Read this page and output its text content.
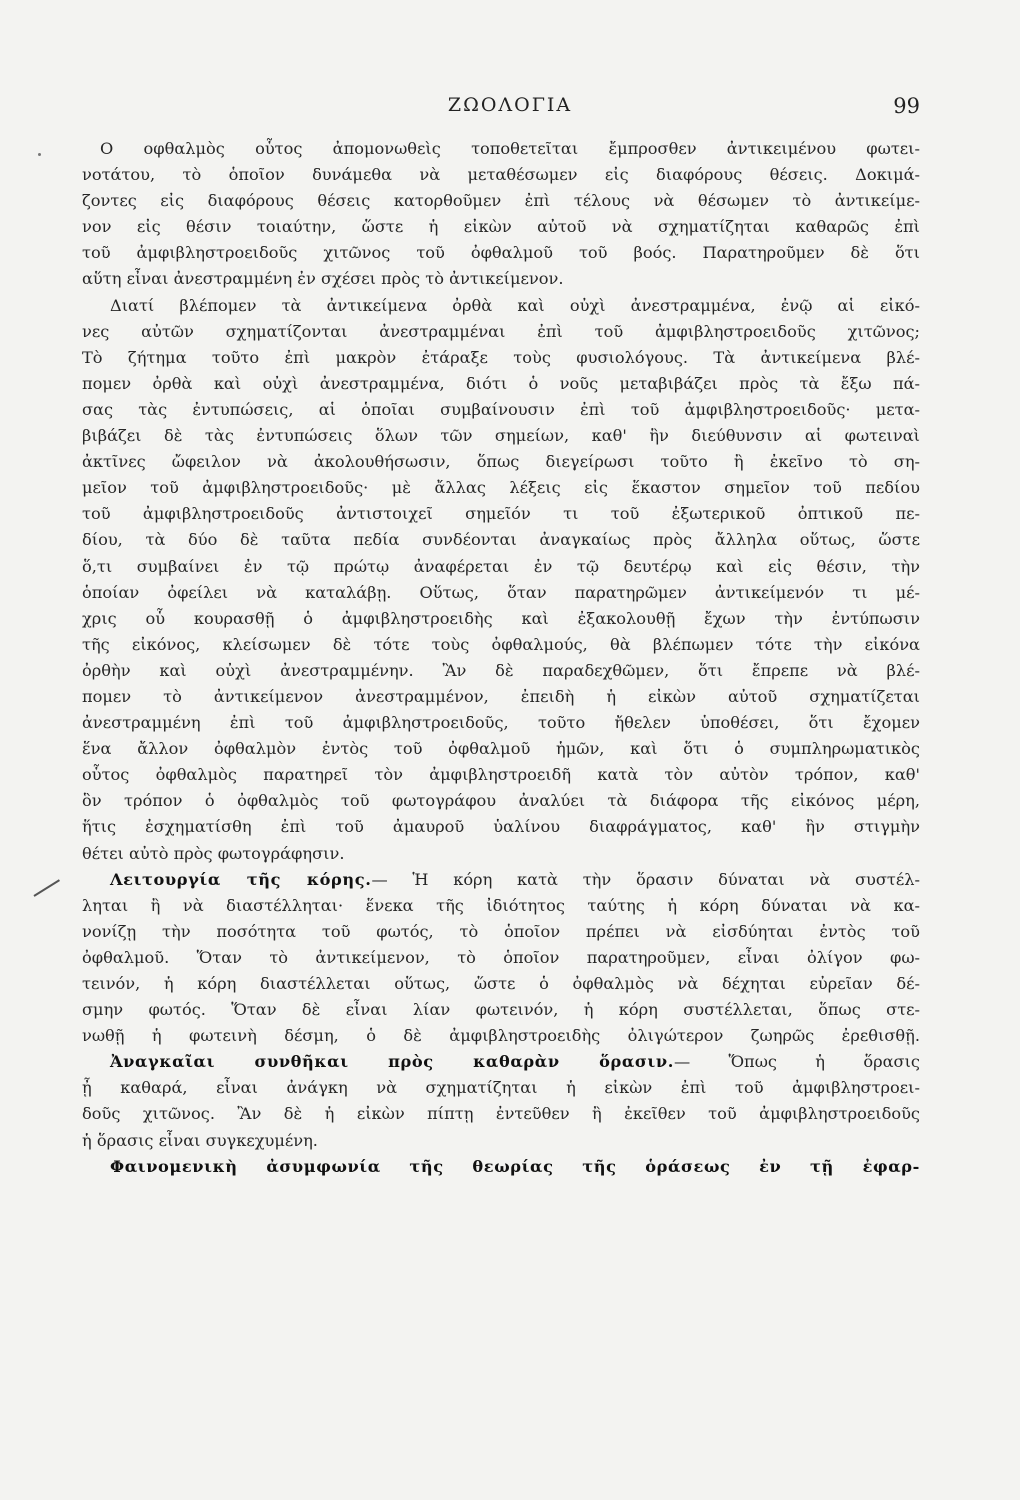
ΖΩΟΛΟΓΙΑ	99
Ο οφθαλμὸς οὗτος ἀπομονωθεὶς τοποθετεῖται ἔμπροσθεν ἀντικειμένου φωτει-
νοτάτου, τὸ ὁποῖον δυνάμεθα νὰ μεταθέσωμεν εἰς διαφόρους θέσεις. Δοκιμά-
ζοντες εἰς διαφόρους θέσεις κατορθοῦμεν ἐπὶ τέλους νὰ θέσωμεν τὸ ἀντικείμε-
νον εἰς θέσιν τοιαύτην, ὥστε ἡ εἰκὼν αὐτοῦ νὰ σχηματίζηται καθαρῶς ἐπὶ
τοῦ ἀμφιβληστροειδοῦς χιτῶνος τοῦ ὀφθαλμοῦ τοῦ βοός. Παρατηροῦμεν δὲ ὅτι
αὕτη εἶναι ἀνεστραμμένη ἐν σχέσει πρὸς τὸ ἀντικείμενον.
Διατί βλέπομεν τὰ ἀντικείμενα ὀρθὰ καὶ οὐχὶ ἀνεστραμμένα, ἐνῷ αἱ εἰκό-
νες αὐτῶν σχηματίζονται ἀνεστραμμέναι ἐπὶ τοῦ ἀμφιβληστροειδοῦς χιτῶνος;
Τὸ ζήτημα τοῦτο ἐπὶ μακρὸν ἐτάραξε τοὺς φυσιολόγους. Τὰ ἀντικείμενα βλέ-
πομεν ὀρθὰ καὶ οὐχὶ ἀνεστραμμένα, διότι ὁ νοῦς μεταβιβάζει πρὸς τὰ ἔξω πά-
σας τὰς ἐντυπώσεις, αἱ ὁποῖαι συμβαίνουσιν ἐπὶ τοῦ ἀμφιβληστροειδοῦς· μετα-
βιβάζει δὲ τὰς ἐντυπώσεις ὅλων τῶν σημείων, καθ' ἣν διεύθυνσιν αἱ φωτειναὶ
ἀκτῖνες ὤφειλον νὰ ἀκολουθήσωσιν, ὅπως διεγείρωσι τοῦτο ἢ ἐκεῖνο τὸ ση-
μεῖον τοῦ ἀμφιβληστροειδοῦς· μὲ ἄλλας λέξεις εἰς ἕκαστον σημεῖον τοῦ πεδίου
τοῦ ἀμφιβληστροειδοῦς ἀντιστοιχεῖ σημεῖόν τι τοῦ ἐξωτερικοῦ ὀπτικοῦ πε-
δίου, τὰ δύο δὲ ταῦτα πεδία συνδέονται ἀναγκαίως πρὸς ἄλληλα οὕτως, ὥστε
ὅ,τι συμβαίνει ἐν τῷ πρώτῳ ἀναφέρεται ἐν τῷ δευτέρῳ καὶ εἰς θέσιν, τὴν
ὁποίαν ὀφείλει νὰ καταλάβῃ. Οὕτως, ὅταν παρατηρῶμεν ἀντικείμενόν τι μέ-
χρις οὗ κουρασθῇ ὁ ἀμφιβληστροειδὴς καὶ ἐξακολουθῇ ἔχων τὴν ἐντύπωσιν
τῆς εἰκόνος, κλείσωμεν δὲ τότε τοὺς ὀφθαλμούς, θὰ βλέπωμεν τότε τὴν εἰκόνα
ὀρθὴν καὶ οὐχὶ ἀνεστραμμένην. Ἂν δὲ παραδεχθῶμεν, ὅτι ἔπρεπε νὰ βλέ-
πομεν τὸ ἀντικείμενον ἀνεστραμμένον, ἐπειδὴ ἡ εἰκὼν αὐτοῦ σχηματίζεται
ἀνεστραμμένη ἐπὶ τοῦ ἀμφιβληστροειδοῦς, τοῦτο ἤθελεν ὑποθέσει, ὅτι ἔχομεν
ἕνα ἄλλον ὀφθαλμὸν ἐντὸς τοῦ ὀφθαλμοῦ ἡμῶν, καὶ ὅτι ὁ συμπληρωματικὸς
οὗτος ὀφθαλμὸς παρατηρεῖ τὸν ἀμφιβληστροειδῆ κατὰ τὸν αὐτὸν τρόπον, καθ'
ὃν τρόπον ὁ ὀφθαλμὸς τοῦ φωτογράφου ἀναλύει τὰ διάφορα τῆς εἰκόνος μέρη,
ἥτις ἐσχηματίσθη ἐπὶ τοῦ ἀμαυροῦ ὑαλίνου διαφράγματος, καθ' ἣν στιγμὴν
θέτει αὐτὸ πρὸς φωτογράφησιν.
Λειτουργία τῆς κόρης.— Ἡ κόρη κατὰ τὴν ὅρασιν δύναται νὰ συστέλ-
ληται ἢ νὰ διαστέλληται· ἕνεκα τῆς ἰδιότητος ταύτης ἡ κόρη δύναται νὰ κα-
νονίζῃ τὴν ποσότητα τοῦ φωτός, τὸ ὁποῖον πρέπει νὰ εἰσδύηται ἐντὸς τοῦ
ὀφθαλμοῦ. Ὅταν τὸ ἀντικείμενον, τὸ ὁποῖον παρατηροῦμεν, εἶναι ὀλίγον φω-
τεινόν, ἡ κόρη διαστέλλεται οὕτως, ὥστε ὁ ὀφθαλμὸς νὰ δέχηται εὐρεῖαν δέ-
σμην φωτός. Ὅταν δὲ εἶναι λίαν φωτεινόν, ἡ κόρη συστέλλεται, ὅπως στε-
νωθῇ ἡ φωτεινὴ δέσμη, ὁ δὲ ἀμφιβληστροειδὴς ὀλιγώτερον ζωηρῶς ἐρεθισθῇ.
Ἀναγκαῖαι συνθῆκαι πρὸς καθαρὰν ὅρασιν.— Ὅπως ἡ ὅρασις
ᾖ καθαρά, εἶναι ἀνάγκη νὰ σχηματίζηται ἡ εἰκὼν ἐπὶ τοῦ ἀμφιβληστροει-
δοῦς χιτῶνος. Ἂν δὲ ἡ εἰκὼν πίπτῃ ἐντεῦθεν ἢ ἐκεῖθεν τοῦ ἀμφιβληστροειδοῦς
ἡ ὅρασις εἶναι συγκεχυμένη.
Φαινομενικὴ ἀσυμφωνία τῆς θεωρίας τῆς ὁράσεως ἐν τῇ ἐφαρ-
